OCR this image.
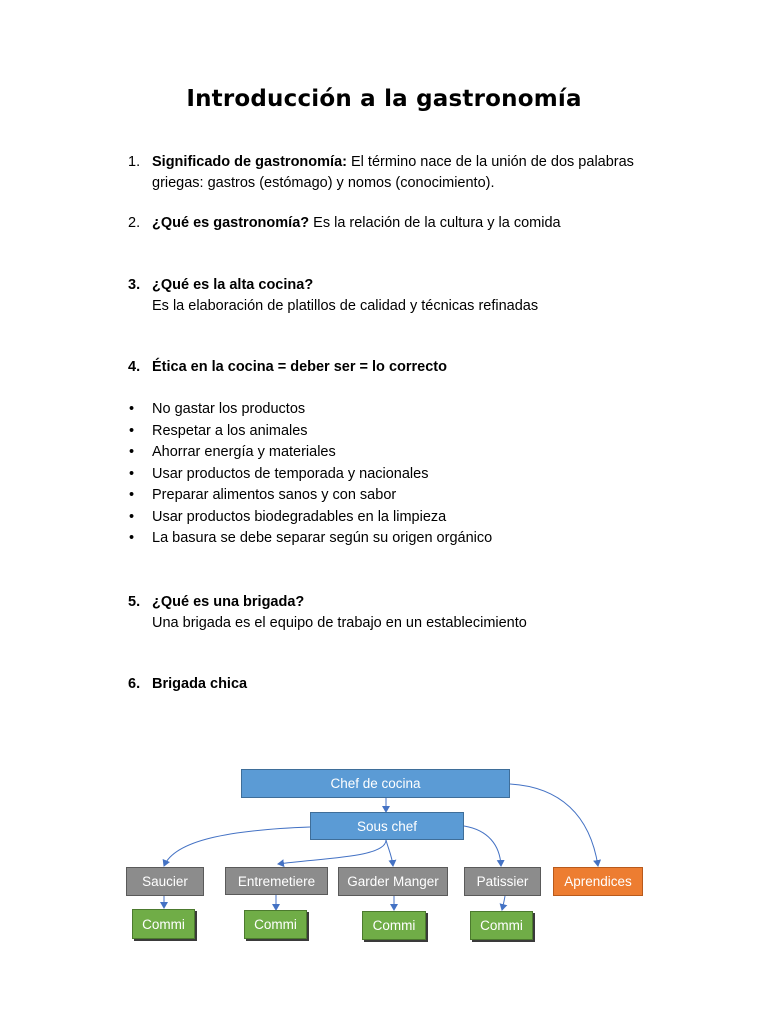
Introducción a la gastronomía
1. Significado de gastronomía: El término nace de la unión de dos palabras griegas: gastros (estómago) y nomos (conocimiento).
2. ¿Qué es gastronomía? Es la relación de la cultura y la comida
3. ¿Qué es la alta cocina?
Es la elaboración de platillos de calidad y técnicas refinadas
4. Ética en la cocina = deber ser = lo correcto
• No gastar los productos
• Respetar a los animales
• Ahorrar energía y materiales
• Usar productos de temporada y nacionales
• Preparar alimentos sanos y con sabor
• Usar productos biodegradables en la limpieza
• La basura se debe separar según su origen orgánico
5. ¿Qué es una brigada?
Una brigada es el equipo de trabajo en un establecimiento
6. Brigada chica
Chef de cocina
Sous chef
Saucier	Entremetiere Garder Manger	Patissier	Aprendices
Commi	Commi	Commi	Commi
